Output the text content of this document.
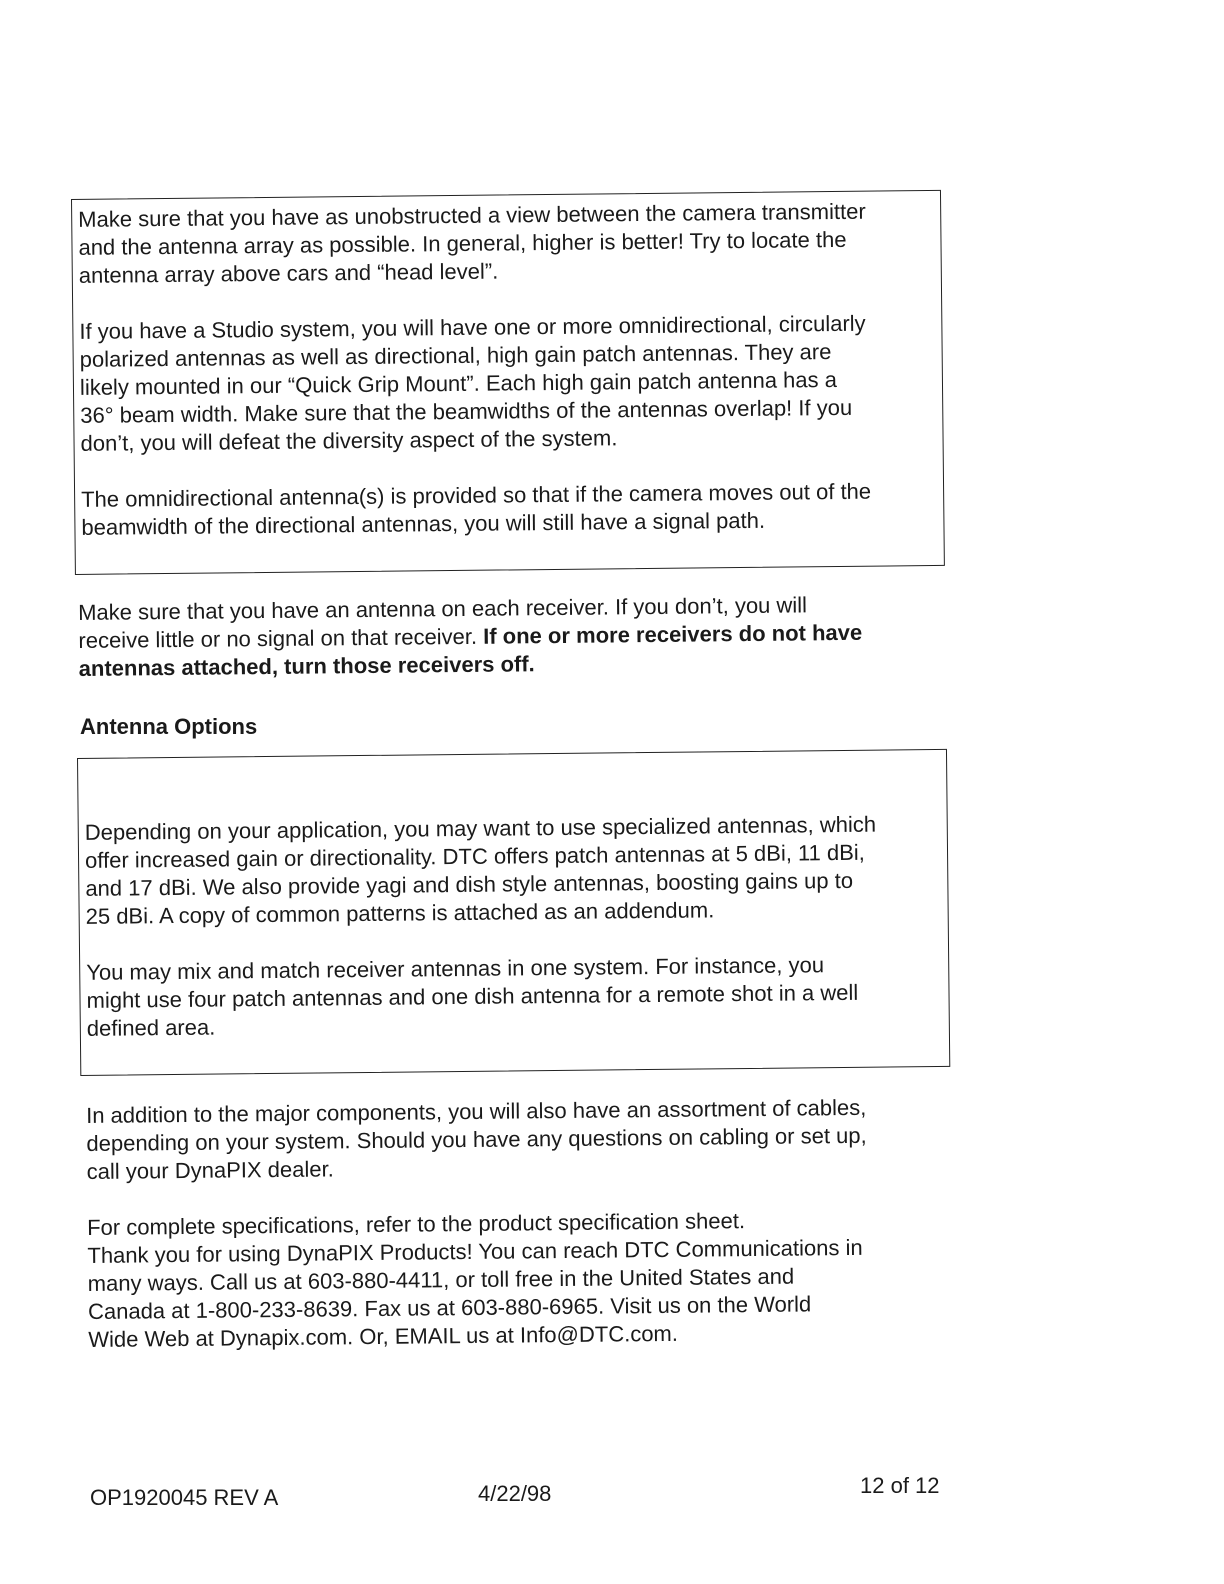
Make sure that you have as unobstructed a view between the camera transmitter
and the antenna array as possible. In general, higher is better! Try to locate the
antenna array above cars and “head level”.
If you have a Studio system, you will have one or more omnidirectional, circularly
polarized antennas as well as directional, high gain patch antennas. They are
likely mounted in our “Quick Grip Mount”. Each high gain patch antenna has a
36° beam width. Make sure that the beamwidths of the antennas overlap! If you
don’t, you will defeat the diversity aspect of the system.
The omnidirectional antenna(s) is provided so that if the camera moves out of the
beamwidth of the directional antennas, you will still have a signal path.
Make sure that you have an antenna on each receiver. If you don’t, you will
receive little or no signal on that receiver. If one or more receivers do not have
antennas attached, turn those receivers off.
Antenna Options
Depending on your application, you may want to use specialized antennas, which
offer increased gain or directionality. DTC offers patch antennas at 5 dBi, 11 dBi,
and 17 dBi. We also provide yagi and dish style antennas, boosting gains up to
25 dBi. A copy of common patterns is attached as an addendum.
You may mix and match receiver antennas in one system. For instance, you
might use four patch antennas and one dish antenna for a remote shot in a well
defined area.
In addition to the major components, you will also have an assortment of cables,
depending on your system. Should you have any questions on cabling or set up,
call your DynaPIX dealer.
For complete specifications, refer to the product specification sheet.
Thank you for using DynaPIX Products! You can reach DTC Communications in
many ways. Call us at 603-880-4411, or toll free in the United States and
Canada at 1-800-233-8639. Fax us at 603-880-6965. Visit us on the World
Wide Web at Dynapix.com. Or, EMAIL us at Info@DTC.com.
OP1920045 REV A	4/22/98	12 of 12
